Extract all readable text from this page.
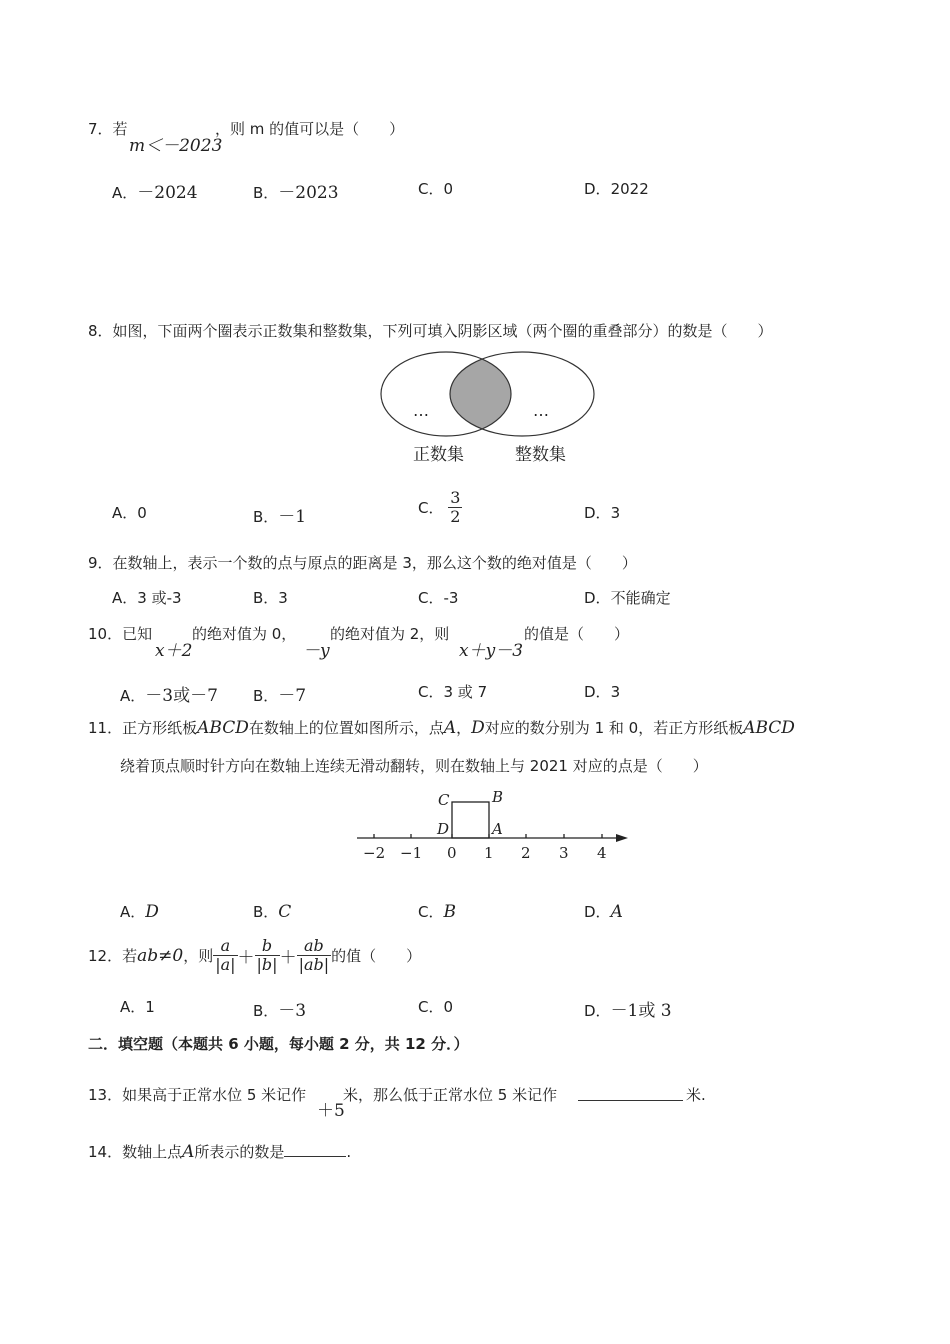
7．若
m＜－2023
，则 m 的值可以是（　　）
A．－2024	B．－2023	C．0	D．2022
8．如图，下面两个圈表示正数集和整数集，下列可填入阴影区域（两个圈的重叠部分）的数是（　　）
…	…
正数集	整数集
A．0	B．－1	C． $\frac{3}{2}$	D．3
9．在数轴上，表示一个数的点与原点的距离是 3，那么这个数的绝对值是（　　）
A．3 或-3	B．3	C．-3	D．不能确定
10．已知
x＋2
的绝对值为 0，
－y
的绝对值为 2，则
x＋y－3
的值是（　　）
A．－3或－7 B．－7	C．3 或 7	D．3
11．正方形纸板ABCD在数轴上的位置如图所示，点A，D对应的数分别为 1 和 0，若正方形纸板ABCD
绕着顶点顺时针方向在数轴上连续无滑动翻转，则在数轴上与 2021 对应的点是（　　）
−2 −1 0 1 2 3 4
C	B
D	A
A．D	B．C	C．B	D．A
12． 若 ab≠0 ，则 $\frac{a}{|a|} + \frac{b}{|b|} + \frac{ab}{|ab|}$ 的值（　　）
A．1	B．－3	C．0	D．－1或 3
二．填空题（本题共 6 小题，每小题 2 分，共 12 分．）
13．如果高于正常水位 5 米记作
＋5
米，那么低于正常水位 5 米记作	米.
14．数轴上点A所表示的数是	.
